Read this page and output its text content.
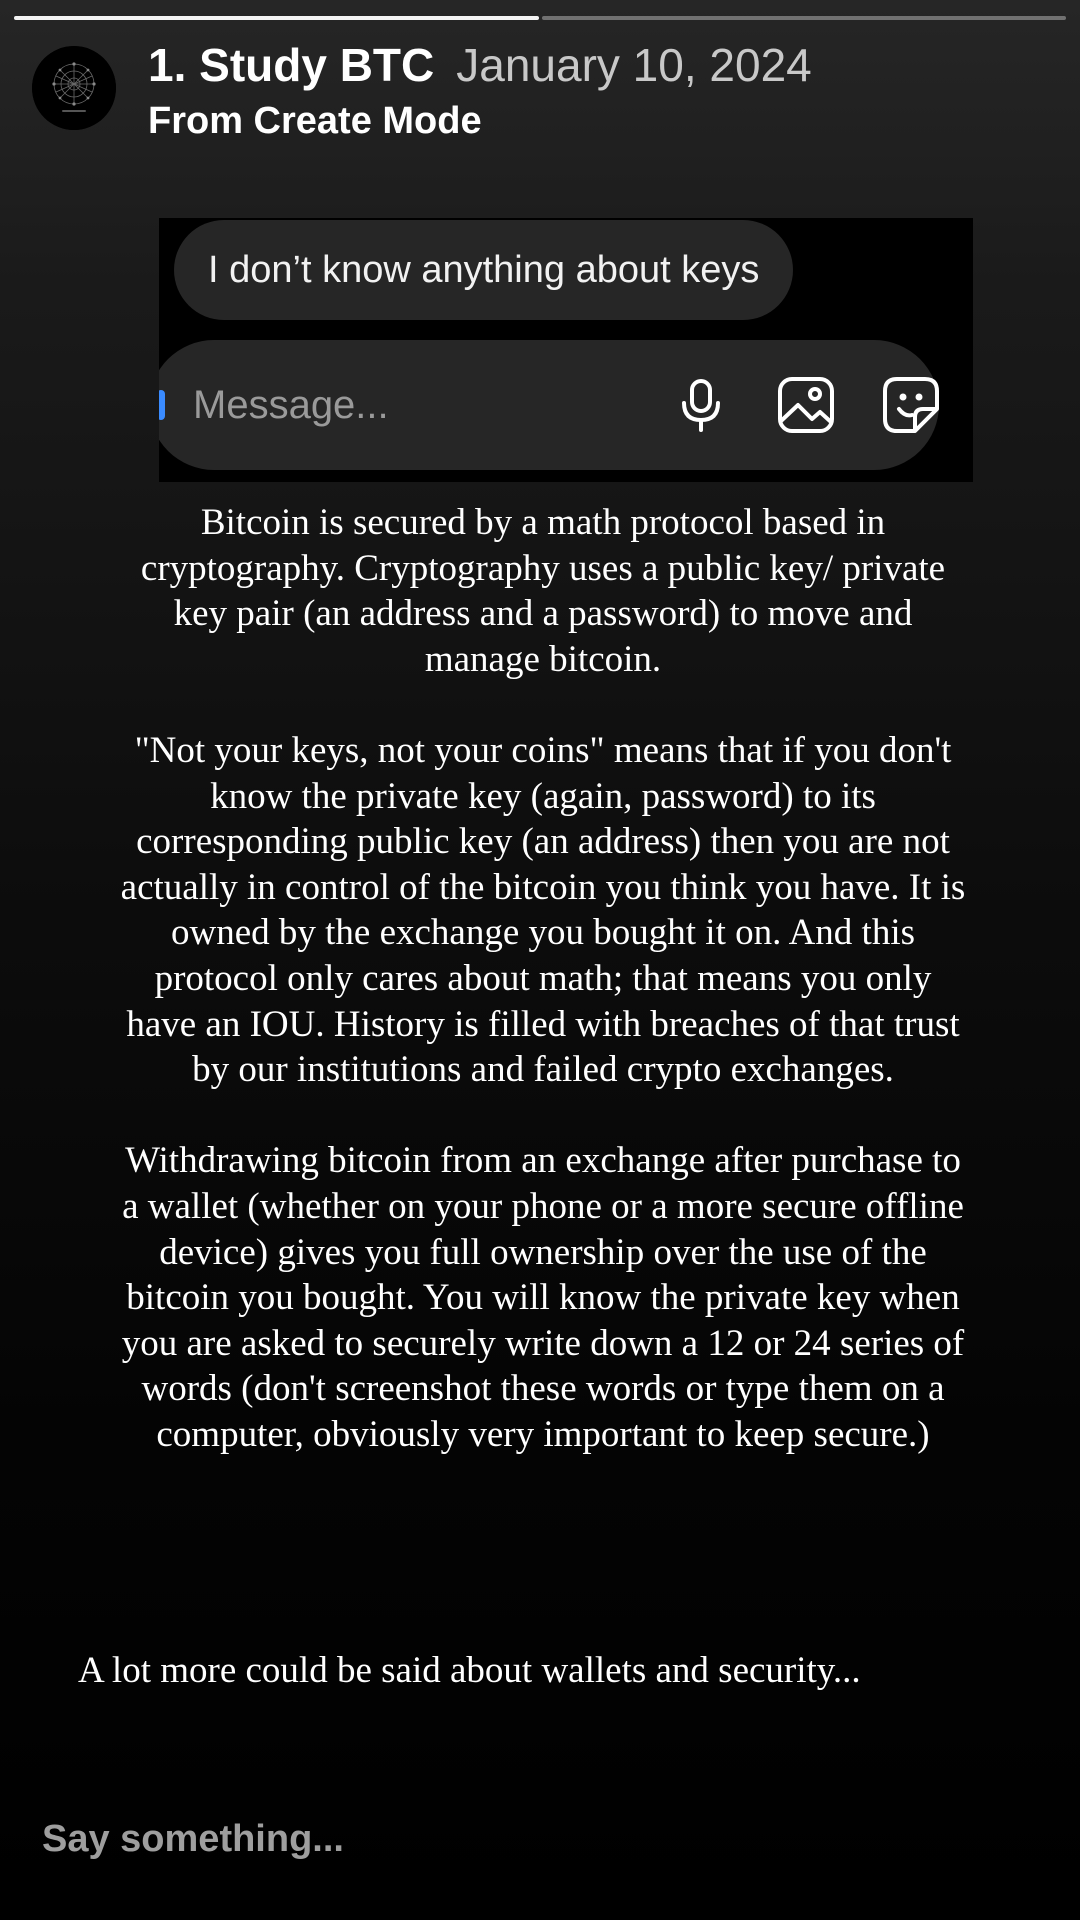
1. Study BTC January 10, 2024
From Create Mode
I don’t know anything about keys
Message...

Bitcoin is secured by a math protocol based in cryptography. Cryptography uses a public key/ private key pair (an address and a password) to move and manage bitcoin.

"Not your keys, not your coins" means that if you don't know the private key (again, password) to its corresponding public key (an address) then you are not actually in control of the bitcoin you think you have. It is owned by the exchange you bought it on. And this protocol only cares about math; that means you only have an IOU. History is filled with breaches of that trust by our institutions and failed crypto exchanges.

Withdrawing bitcoin from an exchange after purchase to a wallet (whether on your phone or a more secure offline device) gives you full ownership over the use of the bitcoin you bought. You will know the private key when you are asked to securely write down a 12 or 24 series of words (don't screenshot these words or type them on a computer, obviously very important to keep secure.)

A lot more could be said about wallets and security...
Say something...
